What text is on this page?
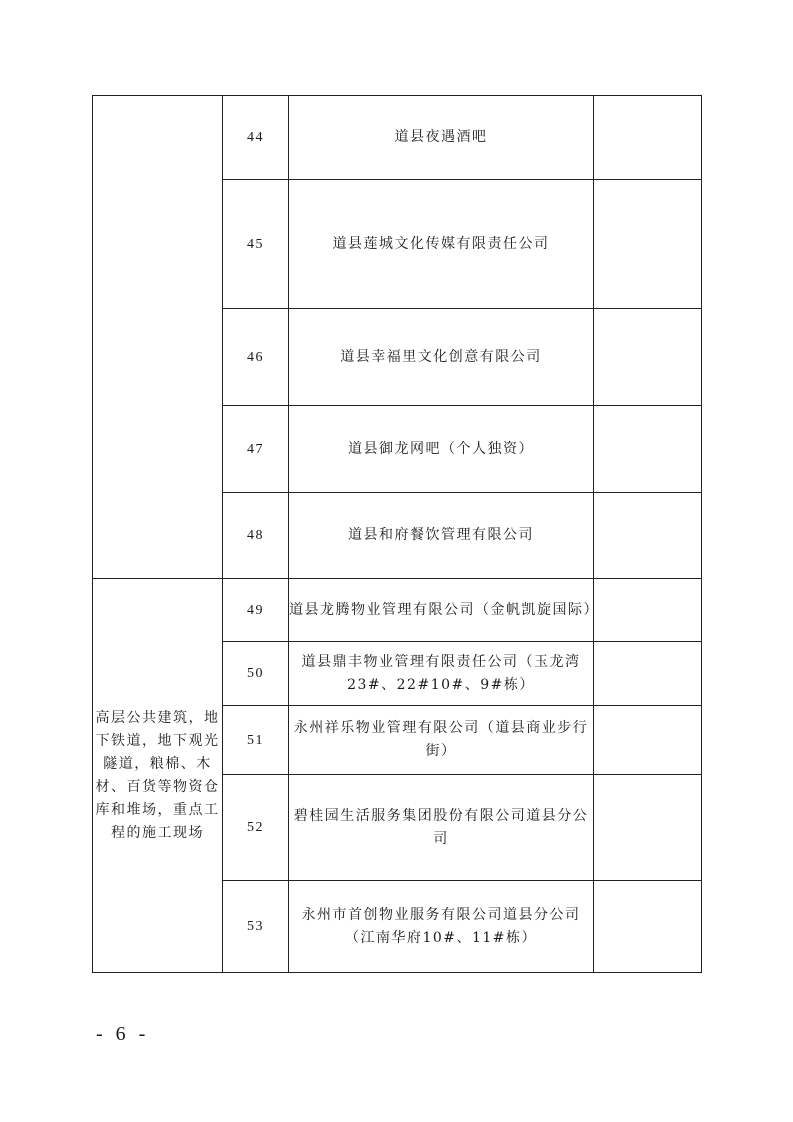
	44	道县夜遇酒吧	
	45	道县莲城文化传媒有限责任公司	
	46	道县幸福里文化创意有限公司	
	47	道县御龙网吧（个人独资）	
	48	道县和府餐饮管理有限公司	
高层公共建筑，地下铁道，地下观光隧道，粮棉、木材、百货等物资仓库和堆场，重点工程的施工现场	49	道县龙腾物业管理有限公司（金帆凯旋国际）	
	50	道县鼎丰物业管理有限责任公司（玉龙湾23#、22#10#、9#栋）	
	51	永州祥乐物业管理有限公司（道县商业步行街）	
	52	碧桂园生活服务集团股份有限公司道县分公司	
	53	永州市首创物业服务有限公司道县分公司（江南华府10#、11#栋）	
- 6 -
